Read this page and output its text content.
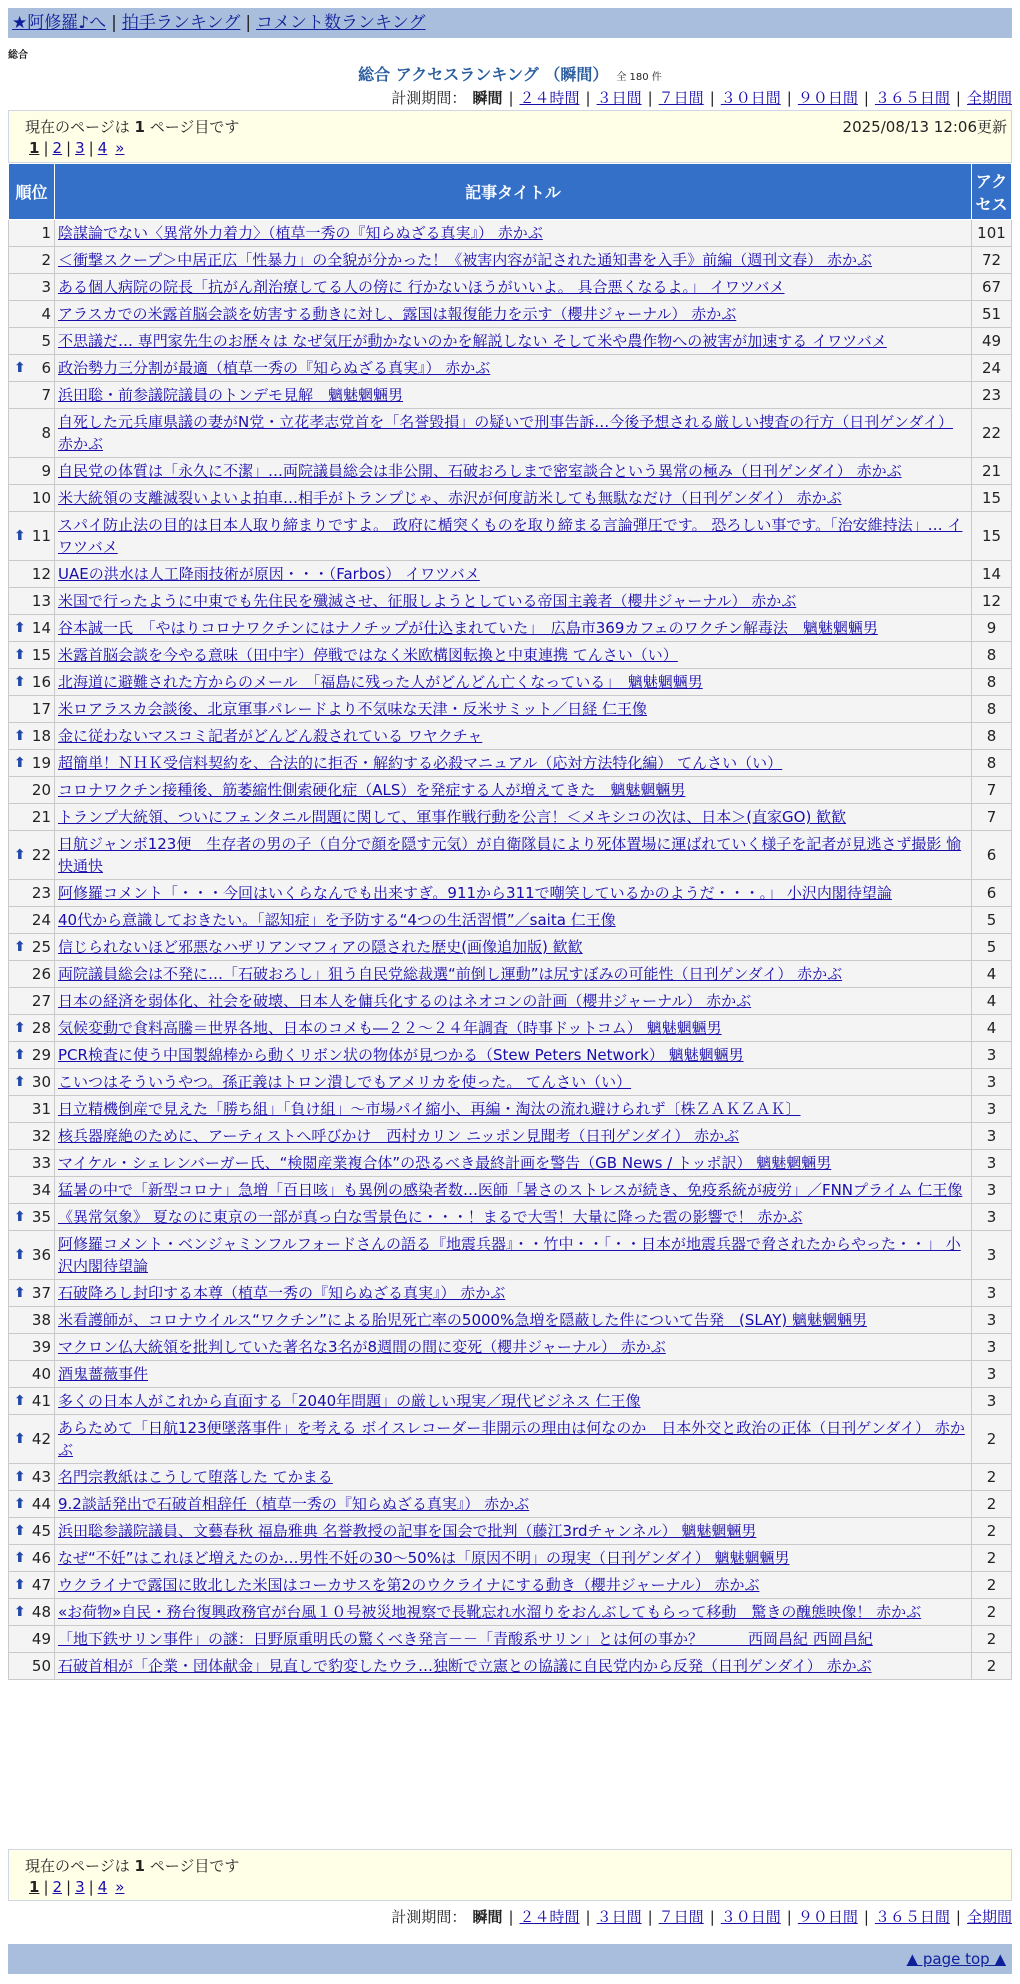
★阿修羅♪へ | 拍手ランキング | コメント数ランキング
総合
総合 アクセスランキング （瞬間） 全 180 件
計測期間： 瞬間 | ２４時間 | ３日間 | ７日間 | ３０日間 | ９０日間 | ３６５日間 | 全期間
現在のページは 1 ページ目です	2025/08/13 12:06更新
1 | 2 | 3 | 4 »
順位	記事タイトル	アクセス
1	陰謀論でない〈異常外力着力〉（植草一秀の『知らぬざる真実』） 赤かぶ	101
2	＜衝撃スクープ＞中居正広「性暴力」の全貌が分かった！《被害内容が記された通知書を入手》前編（週刊文春） 赤かぶ	72
3	ある個人病院の院長「抗がん剤治療してる人の傍に 行かないほうがいいよ。 具合悪くなるよ。」 イワツバメ	67
4	アラスカでの米露首脳会談を妨害する動きに対し、露国は報復能力を示す（櫻井ジャーナル） 赤かぶ	51
5	不思議だ… 専門家先生のお歴々は なぜ気圧が動かないのかを解説しない そして米や農作物への被害が加速する イワツバメ	49

⬆ 6	政治勢力三分割が最適（植草一秀の『知らぬざる真実』） 赤かぶ	24
7	浜田聡・前参議院議員のトンデモ見解　魑魅魍魎男	23
8	自死した元兵庫県議の妻がN党・立花孝志党首を「名誉毀損」の疑いで刑事告訴…今後予想される厳しい捜査の行方（日刊ゲンダイ） 赤かぶ	22
9	自民党の体質は「永久に不潔」…両院議員総会は非公開、石破おろしまで密室談合という異常の極み（日刊ゲンダイ） 赤かぶ	21
10	米大統領の支離滅裂いよいよ拍車…相手がトランプじゃ、赤沢が何度訪米しても無駄なだけ（日刊ゲンダイ） 赤かぶ	15

⬆ 11	スパイ防止法の目的は日本人取り締まりですよ。 政府に楯突くものを取り締まる言論弾圧です。 恐ろしい事です。「治安維持法」… イワツバメ	15
12	UAEの洪水は人工降雨技術が原因・・・（Farbos） イワツバメ	14
13	米国で行ったように中東でも先住民を殲滅させ、征服しようとしている帝国主義者（櫻井ジャーナル） 赤かぶ	12

⬆ 14	谷本誠一氏　「やはりコロナワクチンにはナノチップが仕込まれていた」　広島市369カフェのワクチン解毒法　魑魅魍魎男	9

⬆ 15	米露首脳会談を今やる意味（田中宇）停戦ではなく米欧構図転換と中東連携 てんさい（い）	8

⬆ 16	北海道に避難された方からのメール　「福島に残った人がどんどん亡くなっている」　魑魅魍魎男	8
17	米ロアラスカ会談後、北京軍事パレードより不気味な天津・反米サミット／日経 仁王像	8

⬆ 18	金に従わないマスコミ記者がどんどん殺されている ワヤクチャ	8

⬆ 19	超簡単！ＮＨＫ受信料契約を、合法的に拒否・解約する必殺マニュアル（応対方法特化編） てんさい（い）	8
20	コロナワクチン接種後、筋萎縮性側索硬化症（ALS）を発症する人が増えてきた　魑魅魍魎男	7
21	トランプ大統領、ついにフェンタニル問題に関して、軍事作戦行動を公言！＜メキシコの次は、日本＞(直家GO) 歓歓	7

⬆ 22	日航ジャンボ123便　生存者の男の子（自分で顔を隠す元気）が自衛隊員により死体置場に運ばれていく様子を記者が見逃さず撮影 愉快通快	6
23	阿修羅コメント「・・・今回はいくらなんでも出来すぎ。911から311で嘲笑しているかのようだ・・・。」 小沢内閣待望論	6
24	40代から意識しておきたい。「認知症」を予防する“4つの生活習慣”／saita 仁王像	5

⬆ 25	信じられないほど邪悪なハザリアンマフィアの隠された歴史(画像追加版) 歓歓	5
26	両院議員総会は不発に…「石破おろし」狙う自民党総裁選“前倒し運動”は尻すぼみの可能性（日刊ゲンダイ） 赤かぶ	4
27	日本の経済を弱体化、社会を破壊、日本人を傭兵化するのはネオコンの計画（櫻井ジャーナル） 赤かぶ	4

⬆ 28	気候変動で食料高騰＝世界各地、日本のコメも―２２～２４年調査（時事ドットコム） 魑魅魍魎男	4

⬆ 29	PCR検査に使う中国製綿棒から動くリボン状の物体が見つかる（Stew Peters Network） 魑魅魍魎男	3

⬆ 30	こいつはそういうやつ。孫正義はトロン潰しでもアメリカを使った。 てんさい（い）	3
31	日立精機倒産で見えた「勝ち組」「負け組」～市場パイ縮小、再編・淘汰の流れ避けられず〔株ＺＡＫＺＡＫ〕	3
32	核兵器廃絶のために、アーティストへ呼びかけ　西村カリン ニッポン見聞考（日刊ゲンダイ） 赤かぶ	3
33	マイケル・シェレンバーガー氏、“検閲産業複合体”の恐るべき最終計画を警告（GB News / トッポ訳） 魑魅魍魎男	3
34	猛暑の中で「新型コロナ」急増「百日咳」も異例の感染者数…医師「暑さのストレスが続き、免疫系統が疲労」／FNNプライム 仁王像	3

⬆ 35	《異常気象》 夏なのに東京の一部が真っ白な雪景色に・・・！まるで大雪！大量に降った雹の影響で！ 赤かぶ	3

⬆ 36	阿修羅コメント・ベンジャミンフルフォードさんの語る『地震兵器』・・竹中・・「・・日本が地震兵器で脅されたからやった・・」 小沢内閣待望論	3

⬆ 37	石破降ろし封印する本尊（植草一秀の『知らぬざる真実』） 赤かぶ	3
38	米看護師が、コロナウイルス“ワクチン”による胎児死亡率の5000%急増を隠蔽した件について告発　(SLAY) 魑魅魍魎男	3
39	マクロン仏大統領を批判していた著名な3名が8週間の間に変死（櫻井ジャーナル） 赤かぶ	3
40	酒鬼薔薇事件	3

⬆ 41	多くの日本人がこれから直面する「2040年問題」の厳しい現実／現代ビジネス 仁王像	3

⬆ 42	あらためて「日航123便墜落事件」を考える ボイスレコーダー非開示の理由は何なのか　日本外交と政治の正体（日刊ゲンダイ） 赤かぶ	2

⬆ 43	名門宗教紙はこうして堕落した てかまる	2

⬆ 44	9.2談話発出で石破首相辞任（植草一秀の『知らぬざる真実』） 赤かぶ	2

⬆ 45	浜田聡参議院議員、文藝春秋 福島雅典 名誉教授の記事を国会で批判（藤江3rdチャンネル） 魑魅魍魎男	2

⬆ 46	なぜ“不妊”はこれほど増えたのか…男性不妊の30～50%は「原因不明」の現実（日刊ゲンダイ） 魑魅魍魎男	2

⬆ 47	ウクライナで露国に敗北した米国はコーカサスを第2のウクライナにする動き（櫻井ジャーナル） 赤かぶ	2

⬆ 48	«お荷物»自民・務台復興政務官が台風１０号被災地視察で長靴忘れ水溜りをおんぶしてもらって移動　驚きの醜態映像！ 赤かぶ	2
49	「地下鉄サリン事件」の謎：日野原重明氏の驚くべき発言－－「青酸系サリン」とは何の事か？　　　西岡昌紀 西岡昌紀	2
50	石破首相が「企業・団体献金」見直しで豹変したウラ…独断で立憲との協議に自民党内から反発（日刊ゲンダイ） 赤かぶ	2
現在のページは 1 ページ目です
1 | 2 | 3 | 4 »
計測期間： 瞬間 | ２４時間 | ３日間 | ７日間 | ３０日間 | ９０日間 | ３６５日間 | 全期間
▲ page top ▲
